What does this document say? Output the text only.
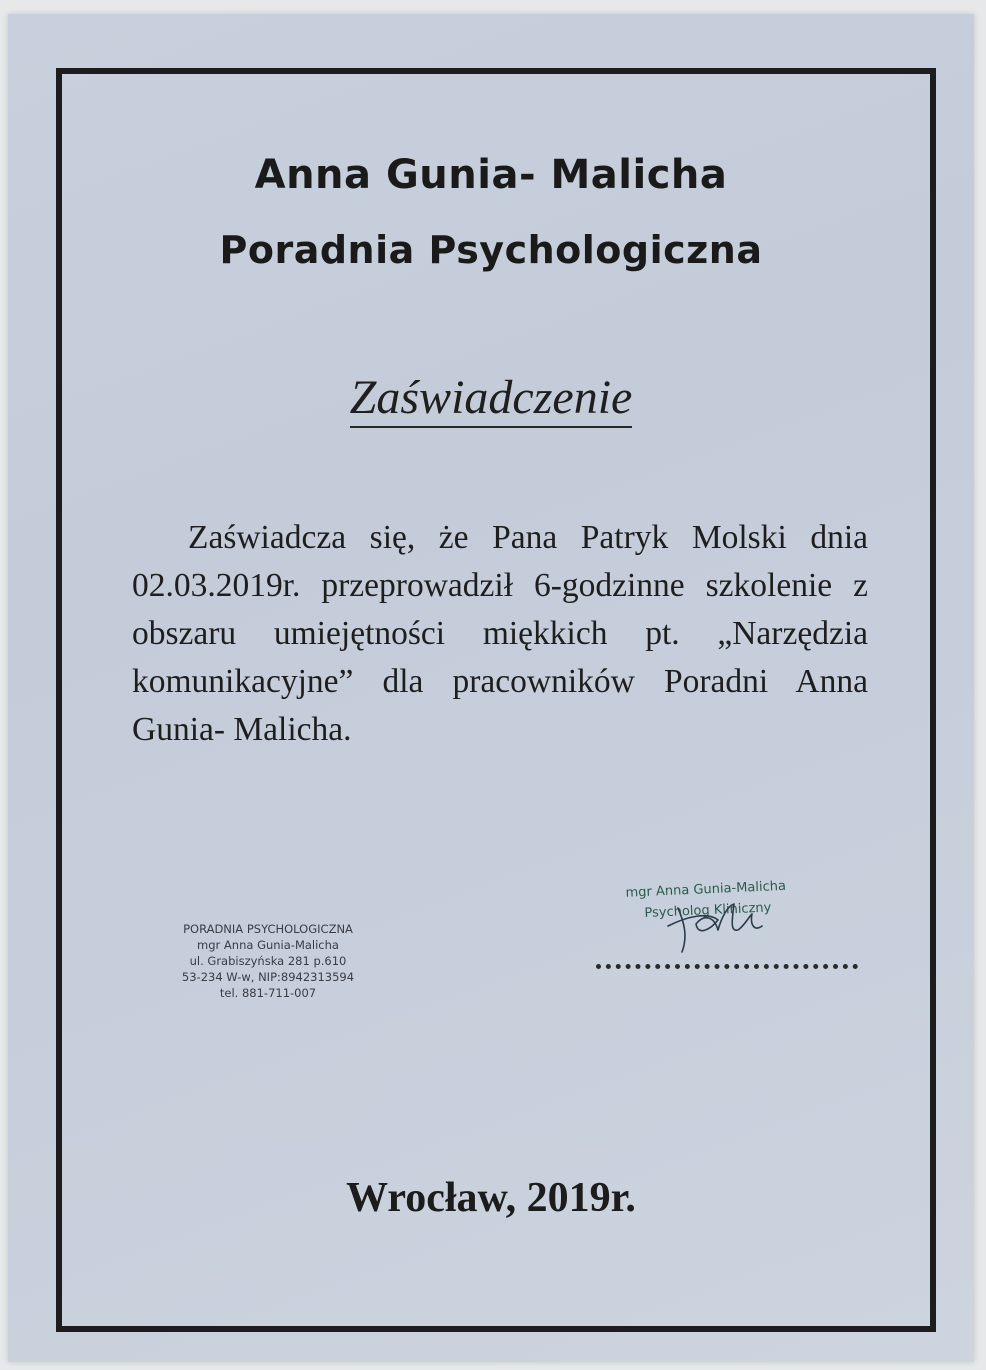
Anna Gunia- Malicha
Poradnia Psychologiczna
Zaświadczenie

Zaświadcza się, że Pana Patryk Molski dnia 02.03.2019r. przeprowadził 6-godzinne szkolenie z obszaru umiejętności miękkich pt. „Narzędzia komunikacyjne” dla pracowników Poradni Anna Gunia- Malicha.

PORADNIA PSYCHOLOGICZNA
mgr Anna Gunia-Malicha
ul. Grabiszyńska 281 p.610
53-234 W-w, NIP:8942313594
tel. 881-711-007
mgr Anna Gunia-Malicha
Psycholog Kliniczny
Wrocław, 2019r.
